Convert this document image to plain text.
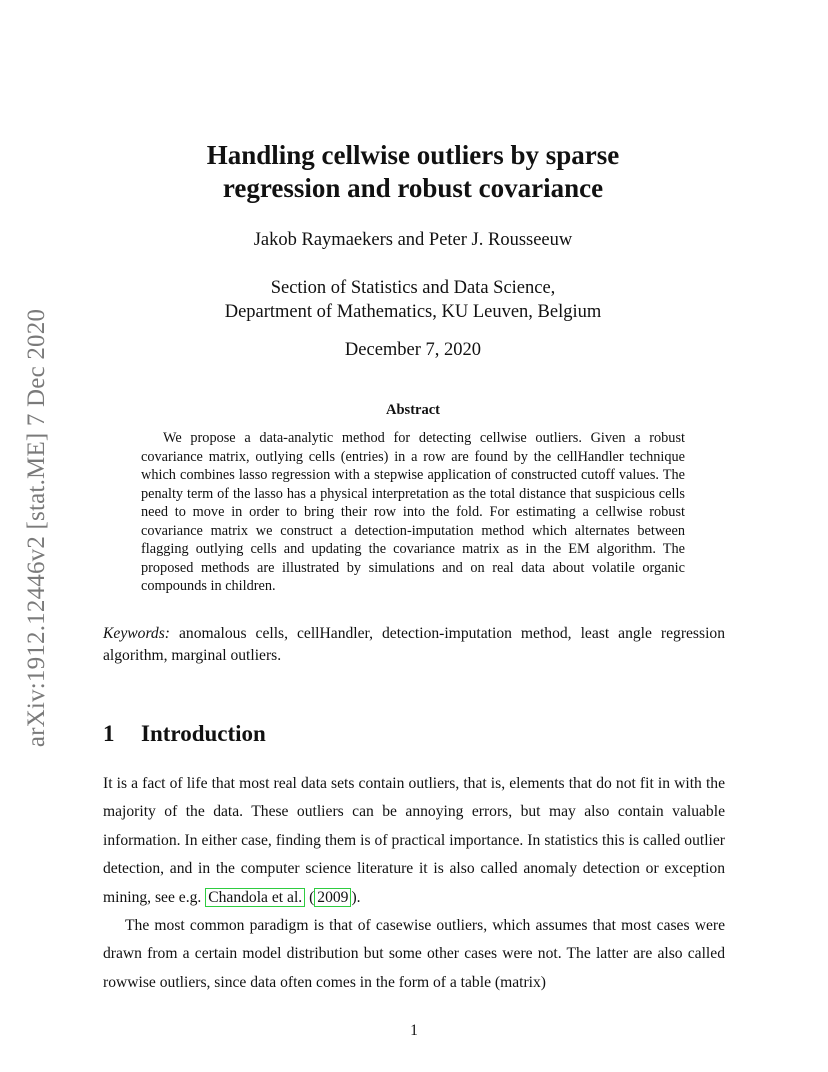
arXiv:1912.12446v2 [stat.ME] 7 Dec 2020
Handling cellwise outliers by sparse
regression and robust covariance
Jakob Raymaekers and Peter J. Rousseeuw
Section of Statistics and Data Science,
Department of Mathematics, KU Leuven, Belgium
December 7, 2020
Abstract

We propose a data-analytic method for detecting cellwise outliers. Given a robust covariance matrix, outlying cells (entries) in a row are found by the cellHandler technique which combines lasso regression with a stepwise application of constructed cutoff values. The penalty term of the lasso has a physical interpretation as the total distance that suspicious cells need to move in order to bring their row into the fold. For estimating a cellwise robust covariance matrix we construct a detection-imputation method which alternates between flagging outlying cells and updating the covariance matrix as in the EM algorithm. The proposed methods are illustrated by simulations and on real data about volatile organic compounds in children.

Keywords: anomalous cells, cellHandler, detection-imputation method, least angle regression algorithm, marginal outliers.

1 Introduction

It is a fact of life that most real data sets contain outliers, that is, elements that do not fit in with the majority of the data. These outliers can be annoying errors, but may also contain valuable information. In either case, finding them is of practical importance. In statistics this is called outlier detection, and in the computer science literature it is also called anomaly detection or exception mining, see e.g. Chandola et al. ( 2009 ).

The most common paradigm is that of casewise outliers, which assumes that most cases were drawn from a certain model distribution but some other cases were not. The latter are also called rowwise outliers, since data often comes in the form of a table (matrix)

1
